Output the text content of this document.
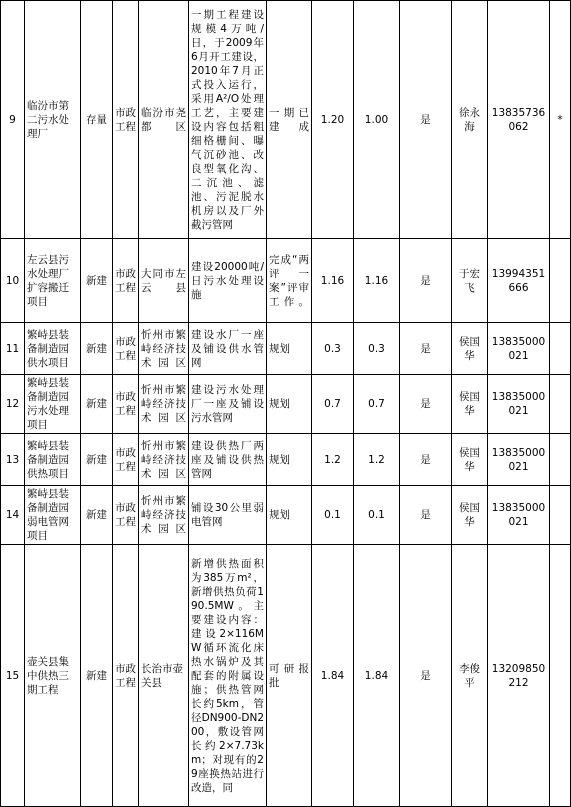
9	临汾市第二污水处理厂	存量	市政工程	临汾市尧都区	一期工程建设规模4万吨/日，于2009年6月开工建设，2010年7月正式投入运行，采用A²/O处理工艺，主要建设内容包括粗细格栅间、曝气沉砂池、改良型氧化沟、二沉池、滤池、污泥脱水机房以及厂外截污管网	一期已建成	1.20	1.00	是	徐永海	13835736062	*
10	左云县污水处理厂扩容搬迁项目	新建	市政工程	大同市左云县	建设20000吨/日污水处理设施	完成“两评一案”评审工作。	1.16	1.16	是	于宏飞	13994351666	
11	繁峙县装备制造园供水项目	新建	市政工程	忻州市繁峙经济技术园区	建设水厂一座及铺设供水管网	规划	0.3	0.3	是	侯国华	13835000021	
12	繁峙县装备制造园污水处理项目	新建	市政工程	忻州市繁峙经济技术园区	建设污水处理厂一座及铺设污水管网	规划	0.7	0.7	是	侯国华	13835000021	
13	繁峙县装备制造园供热项目	新建	市政工程	忻州市繁峙经济技术园区	建设供热厂两座及铺设供热管网	规划	1.2	1.2	是	侯国华	13835000021	
14	繁峙县装备制造园弱电管网项目	新建	市政工程	忻州市繁峙经济技术园区	铺设30公里弱电管网	规划	0.1	0.1	是	侯国华	13835000021	
15	壶关县集中供热三期工程	新建	市政工程	长治市壶关县	新增供热面积为385万m²，新增供热负荷190.5MW。主要建设内容：建设2×116MW循环流化床热水锅炉及其配套的附属设施；供热管网长约5km，管径DN900-DN200，敷设管网长约2×7.73km；对现有的29座换热站进行改造，同	可研报批	1.84	1.84	是	李俊平	13209850212	
